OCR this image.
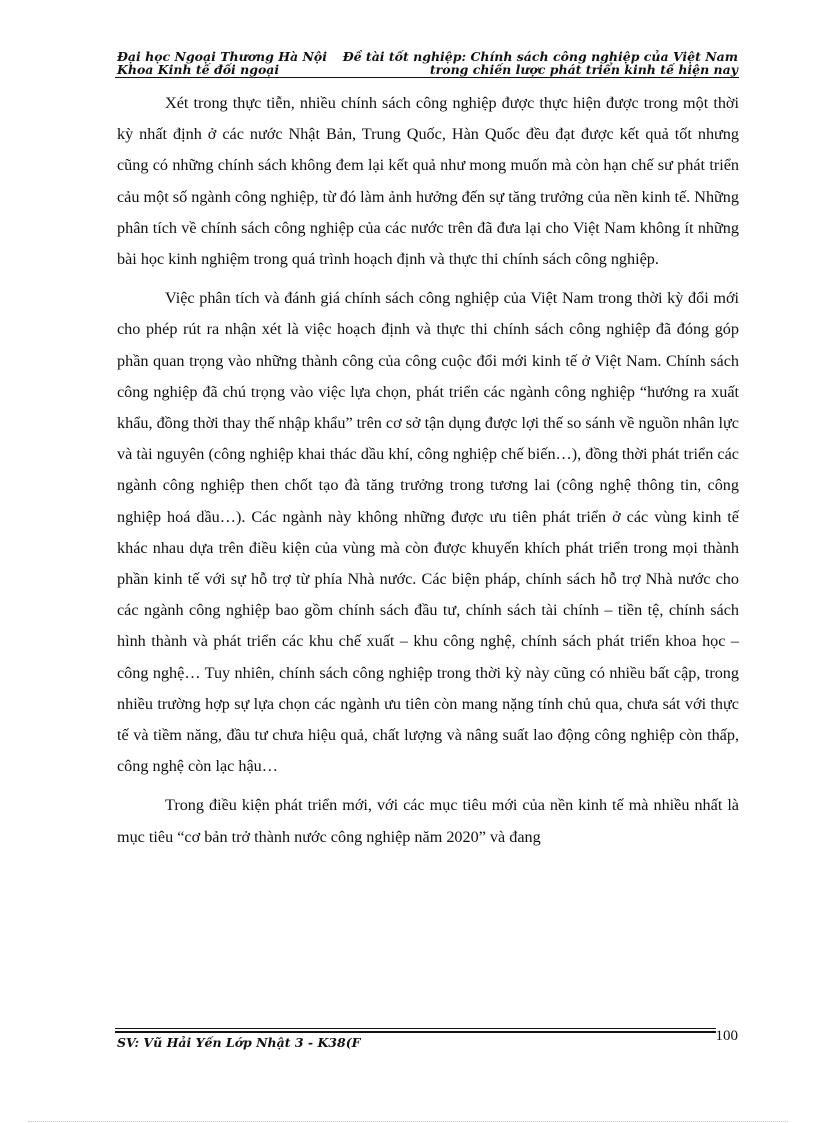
Đại học Ngoại Thương Hà Nội
Khoa Kinh tế đối ngoại
Đề tài tốt nghiệp: Chính sách công nghiệp của Việt Nam
trong chiến lược phát triển kinh tế hiện nay

Xét trong thực tiễn, nhiều chính sách công nghiệp được thực hiện được trong một thời kỳ nhất định ở các nước Nhật Bản, Trung Quốc, Hàn Quốc đều đạt được kết quả tốt nhưng cũng có những chính sách không đem lại kết quả như mong muốn mà còn hạn chế sư phát triển cảu một số ngành công nghiệp, từ đó làm ảnh hưởng đến sự tăng trưởng của nền kinh tế. Những phân tích về chính sách công nghiệp của các nước trên đã đưa lại cho Việt Nam không ít những bài học kinh nghiệm trong quá trình hoạch định và thực thi chính sách công nghiệp.

Việc phân tích và đánh giá chính sách công nghiệp của Việt Nam trong thời kỳ đổi mới cho phép rút ra nhận xét là việc hoạch định và thực thi chính sách công nghiệp đã đóng góp phần quan trọng vào những thành công của công cuộc đổi mới kinh tế ở Việt Nam. Chính sách công nghiệp đã chú trọng vào việc lựa chọn, phát triển các ngành công nghiệp “hướng ra xuất khẩu, đồng thời thay thế nhập khẩu” trên cơ sở tận dụng được lợi thế so sánh về nguồn nhân lực và tài nguyên (công nghiệp khai thác dầu khí, công nghiệp chế biến…), đồng thời phát triển các ngành công nghiệp then chốt tạo đà tăng trưởng trong tương lai (công nghệ thông tin, công nghiệp hoá dầu…). Các ngành này không những được ưu tiên phát triển ở các vùng kinh tế khác nhau dựa trên điều kiện của vùng mà còn được khuyến khích phát triển trong mọi thành phần kinh tế với sự hỗ trợ từ phía Nhà nước. Các biện pháp, chính sách hỗ trợ Nhà nước cho các ngành công nghiệp bao gồm chính sách đầu tư, chính sách tài chính – tiền tệ, chính sách hình thành và phát triển các khu chế xuất – khu công nghệ, chính sách phát triển khoa học – công nghệ… Tuy nhiên, chính sách công nghiệp trong thời kỳ này cũng có nhiều bất cập, trong nhiều trường hợp sự lựa chọn các ngành ưu tiên còn mang nặng tính chủ qua, chưa sát với thực tế và tiềm năng, đầu tư chưa hiệu quả, chất lượng và nâng suất lao động công nghiệp còn thấp, công nghệ còn lạc hậu…

Trong điều kiện phát triển mới, với các mục tiêu mới của nền kinh tế mà nhiều nhất là mục tiêu “cơ bản trở thành nước công nghiệp năm 2020” và đang

SV: Vũ Hải Yến Lớp Nhật 3 - K38(F	100
